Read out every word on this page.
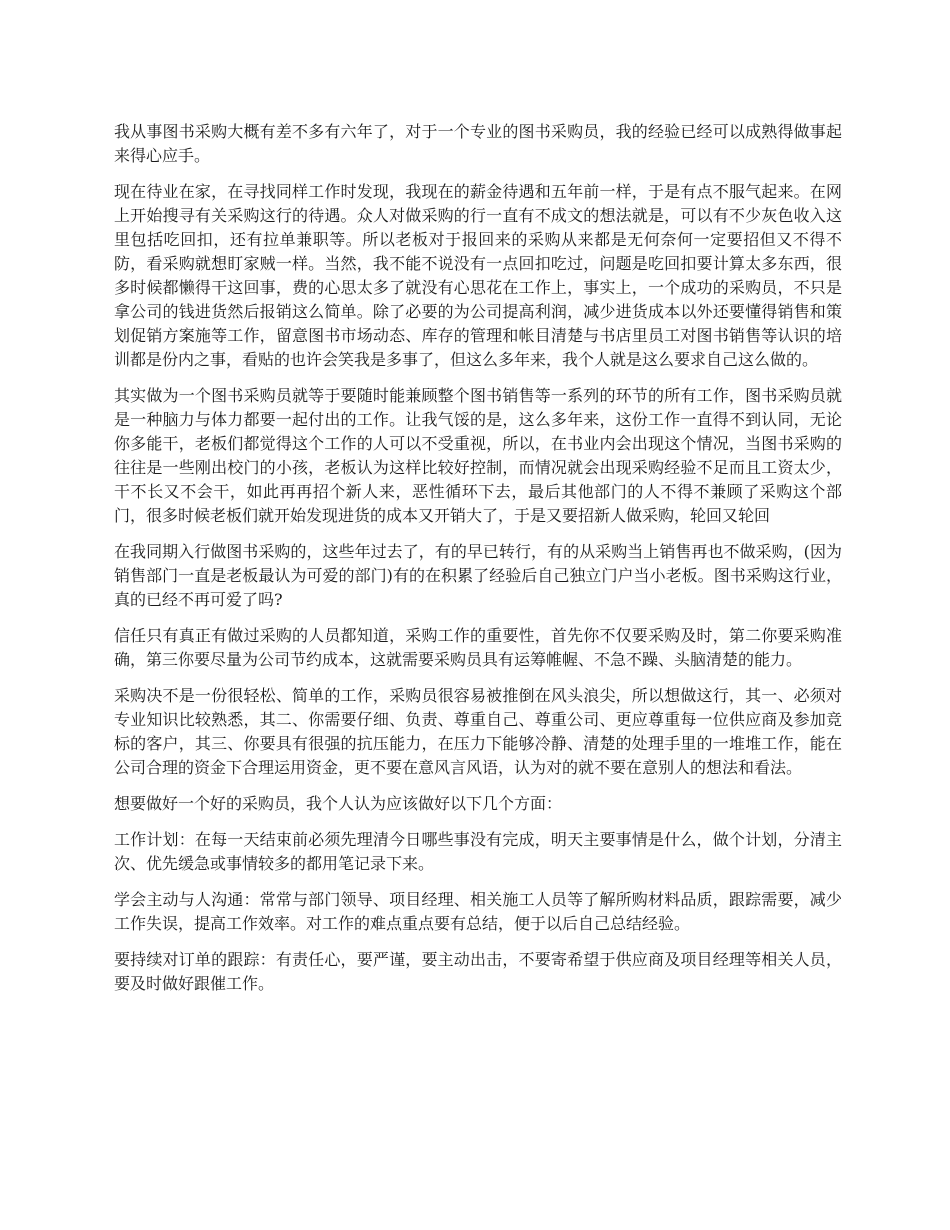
我从事图书采购大概有差不多有六年了，对于一个专业的图书采购员，我的经验已经可以成熟得做事起来得心应手。

现在待业在家，在寻找同样工作时发现，我现在的薪金待遇和五年前一样，于是有点不服气起来。在网上开始搜寻有关采购这行的待遇。众人对做采购的行一直有不成文的想法就是，可以有不少灰色收入这里包括吃回扣，还有拉单兼职等。所以老板对于报回来的采购从来都是无何奈何一定要招但又不得不防，看采购就想盯家贼一样。当然，我不能不说没有一点回扣吃过，问题是吃回扣要计算太多东西，很多时候都懒得干这回事，费的心思太多了就没有心思花在工作上，事实上，一个成功的采购员，不只是拿公司的钱进货然后报销这么简单。除了必要的为公司提高利润，减少进货成本以外还要懂得销售和策划促销方案施等工作，留意图书市场动态、库存的管理和帐目清楚与书店里员工对图书销售等认识的培训都是份内之事，看贴的也许会笑我是多事了，但这么多年来，我个人就是这么要求自己这么做的。

其实做为一个图书采购员就等于要随时能兼顾整个图书销售等一系列的环节的所有工作，图书采购员就是一种脑力与体力都要一起付出的工作。让我气馁的是，这么多年来，这份工作一直得不到认同，无论你多能干，老板们都觉得这个工作的人可以不受重视，所以，在书业内会出现这个情况，当图书采购的往往是一些刚出校门的小孩，老板认为这样比较好控制，而情况就会出现采购经验不足而且工资太少，干不长又不会干，如此再再招个新人来，恶性循环下去，最后其他部门的人不得不兼顾了采购这个部门，很多时候老板们就开始发现进货的成本又开销大了，于是又要招新人做采购，轮回又轮回

在我同期入行做图书采购的，这些年过去了，有的早已转行，有的从采购当上销售再也不做采购，(因为销售部门一直是老板最认为可爱的部门)有的在积累了经验后自己独立门户当小老板。图书采购这行业，真的已经不再可爱了吗?

信任只有真正有做过采购的人员都知道，采购工作的重要性，首先你不仅要采购及时，第二你要采购准确，第三你要尽量为公司节约成本，这就需要采购员具有运筹帷幄、不急不躁、头脑清楚的能力。

采购决不是一份很轻松、简单的工作，采购员很容易被推倒在风头浪尖，所以想做这行，其一、必须对专业知识比较熟悉，其二、你需要仔细、负责、尊重自己、尊重公司、更应尊重每一位供应商及参加竞标的客户，其三、你要具有很强的抗压能力，在压力下能够冷静、清楚的处理手里的一堆堆工作，能在公司合理的资金下合理运用资金，更不要在意风言风语，认为对的就不要在意别人的想法和看法。

想要做好一个好的采购员，我个人认为应该做好以下几个方面：

工作计划：在每一天结束前必须先理清今日哪些事没有完成，明天主要事情是什么，做个计划，分清主次、优先缓急或事情较多的都用笔记录下来。

学会主动与人沟通：常常与部门领导、项目经理、相关施工人员等了解所购材料品质，跟踪需要，减少工作失误，提高工作效率。对工作的难点重点要有总结，便于以后自己总结经验。

要持续对订单的跟踪：有责任心，要严谨，要主动出击，不要寄希望于供应商及项目经理等相关人员，要及时做好跟催工作。
